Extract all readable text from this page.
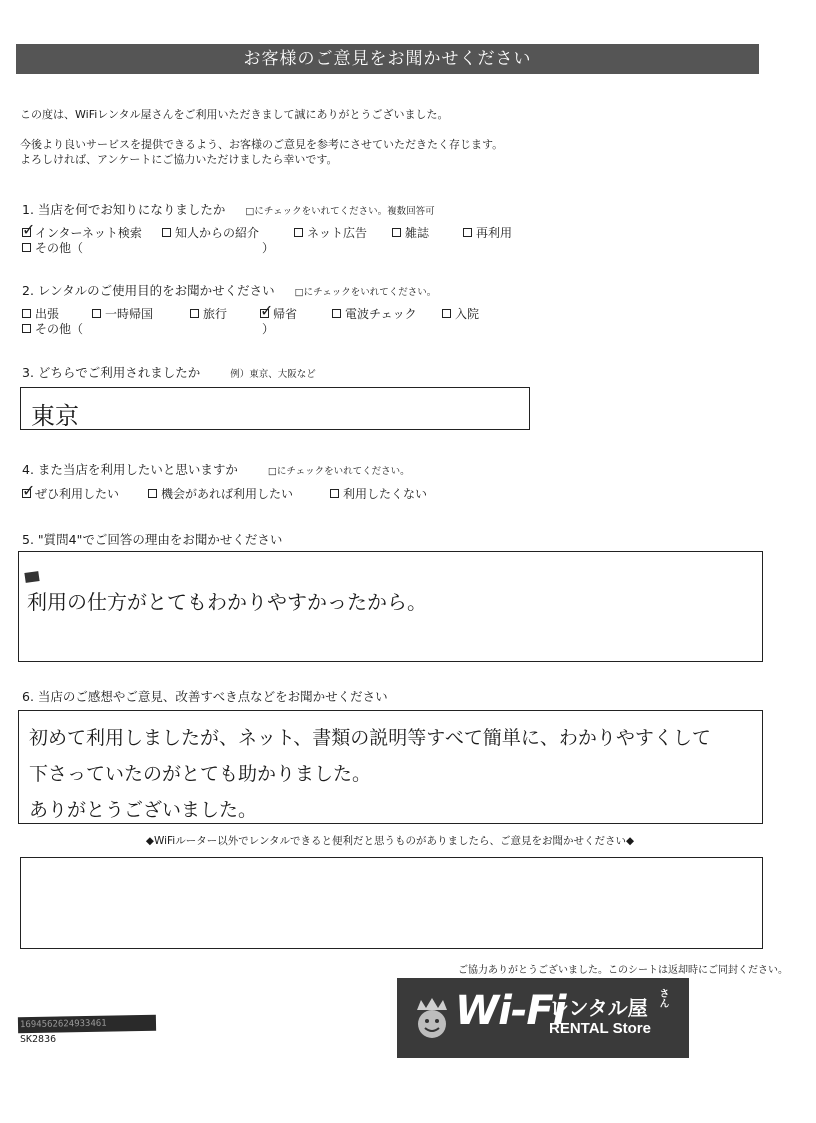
お客様のご意見をお聞かせください
この度は、WiFiレンタル屋さんをご利用いただきまして誠にありがとうございました。
今後より良いサービスを提供できるよう、お客様のご意見を参考にさせていただきたく存じます。
よろしければ、アンケートにご協力いただけましたら幸いです。
1. 当店を何でお知りになりましたか □にチェックをいれてください。複数回答可
✓
インターネット検索	知人からの紹介	ネット広告	雑誌	再利用
その他（	）
2. レンタルのご使用目的をお聞かせください □にチェックをいれてください。
出張	一時帰国	旅行
✓	帰省	電波チェック	入院
その他（	）
3. どちらでご利用されましたか	例）東京、大阪など
東京
4. また当店を利用したいと思いますか	□にチェックをいれてください。
✓
ぜひ利用したい	機会があれば利用したい	利用したくない
5. "質問4"でご回答の理由をお聞かせください
利用の仕方がとてもわかりやすかったから。
6. 当店のご感想やご意見、改善すべき点などをお聞かせください
初めて利用しましたが、ネット、書類の説明等すべて簡単に、わかりやすくして
下さっていたのがとても助かりました。
ありがとうございました。
◆WiFiルーター以外でレンタルできると便利だと思うものがありましたら、ご意見をお聞かせください◆
ご協力ありがとうございました。このシートは返却時にご同封ください。
Wi-Fi
レンタル屋 さん
RENTAL Store
1694562624933461
SK2836
